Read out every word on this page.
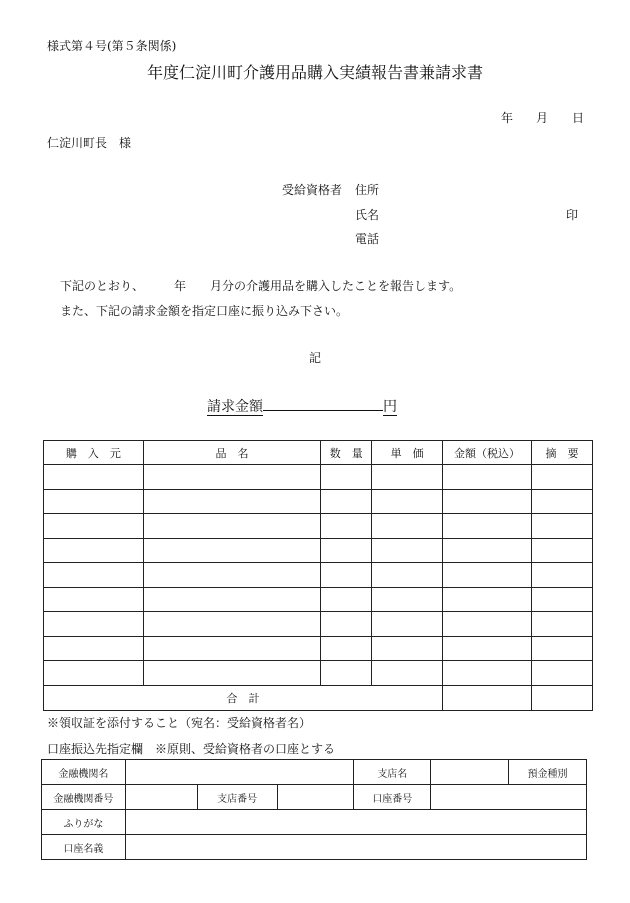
様式第４号(第５条関係)
年度仁淀川町介護用品購入実績報告書兼請求書
年 月 日
仁淀川町長　様
受給資格者 住所
氏名	印
電話
下記のとおり、	年 月分の介護用品を購入したことを報告します。
また、下記の請求金額を指定口座に振り込み下さい。
記
請求金額	円
購　入　元	品　名	数　量	単　価	金額（税込）	摘　要

合　計					
※領収証を添付すること（宛名：受給資格者名）
口座振込先指定欄　※原則、受給資格者の口座とする
金融機関名				支店名		預金種別
金融機関番号		支店番号		口座番号		
ふりがな						
口座名義						
